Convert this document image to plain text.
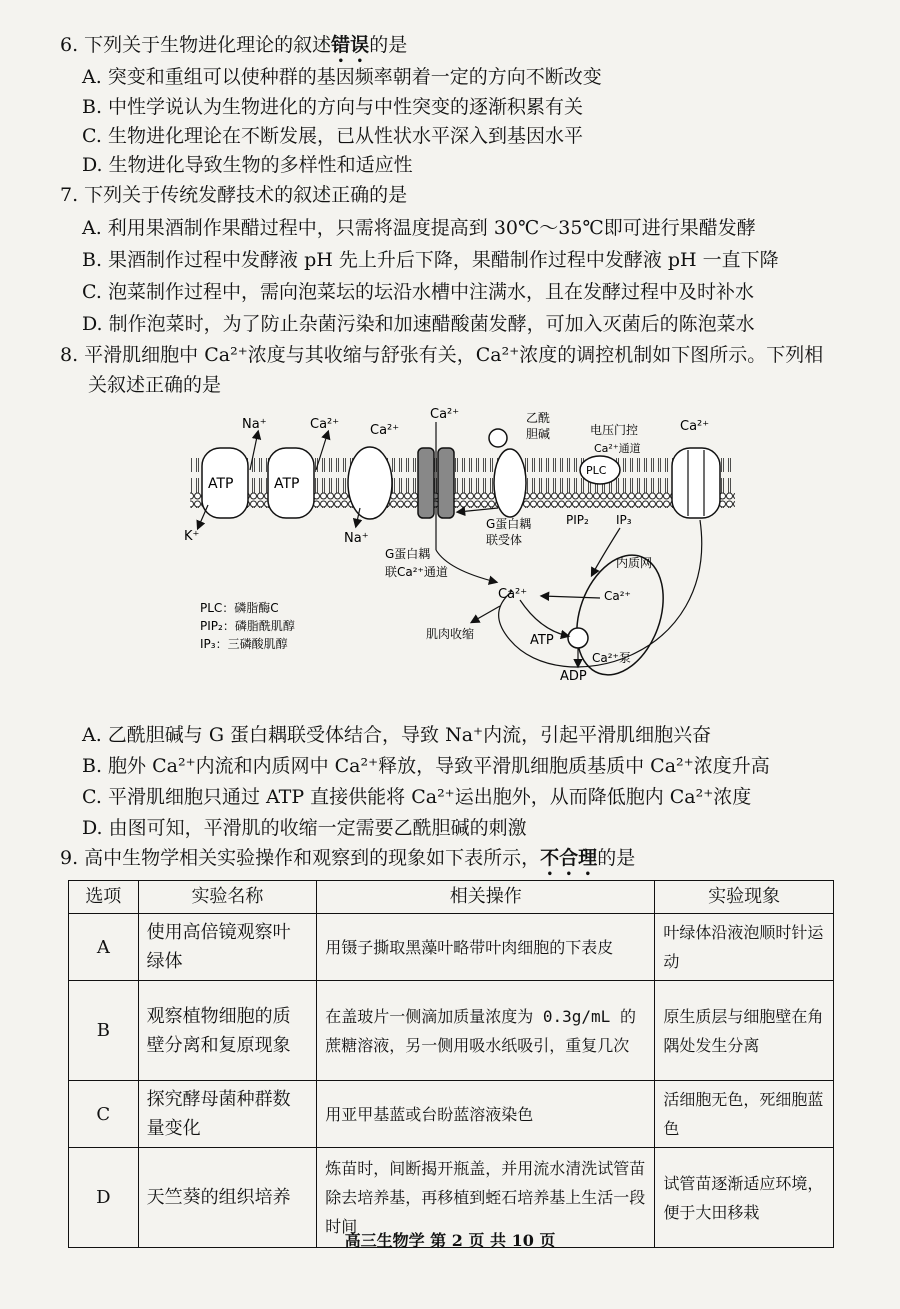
6. 下列关于生物进化理论的叙述错误的是
A. 突变和重组可以使种群的基因频率朝着一定的方向不断改变
B. 中性学说认为生物进化的方向与中性突变的逐渐积累有关
C. 生物进化理论在不断发展，已从性状水平深入到基因水平
D. 生物进化导致生物的多样性和适应性
7. 下列关于传统发酵技术的叙述正确的是
A. 利用果酒制作果醋过程中，只需将温度提高到 30℃～35℃即可进行果醋发酵
B. 果酒制作过程中发酵液 pH 先上升后下降，果醋制作过程中发酵液 pH 一直下降
C. 泡菜制作过程中，需向泡菜坛的坛沿水槽中注满水，且在发酵过程中及时补水
D. 制作泡菜时，为了防止杂菌污染和加速醋酸菌发酵，可加入灭菌后的陈泡菜水
8. 平滑肌细胞中 Ca²⁺浓度与其收缩与舒张有关，Ca²⁺浓度的调控机制如下图所示。下列相
关叙述正确的是
ATP	ATP
Na⁺
K⁺
Ca²⁺ Ca²⁺
Na⁺
Ca²⁺
G蛋白耦
联Ca²⁺通道
乙酰
胆碱
G蛋白耦
联受体
PLC
PIP₂ IP₃
电压门控
Ca²⁺通道
Ca²⁺
内质网
Ca²⁺
Ca²⁺
肌肉收缩	ATP
ADP
Ca²⁺泵
PLC：磷脂酶C
PIP₂：磷脂酰肌醇
IP₃：三磷酸肌醇
A. 乙酰胆碱与 G 蛋白耦联受体结合，导致 Na⁺内流，引起平滑肌细胞兴奋
B. 胞外 Ca²⁺内流和内质网中 Ca²⁺释放，导致平滑肌细胞质基质中 Ca²⁺浓度升高
C. 平滑肌细胞只通过 ATP 直接供能将 Ca²⁺运出胞外，从而降低胞内 Ca²⁺浓度
D. 由图可知，平滑肌的收缩一定需要乙酰胆碱的刺激
9. 高中生物学相关实验操作和观察到的现象如下表所示，不合理的是
选项	实验名称	相关操作	实验现象
A	使用高倍镜观察叶绿体	用镊子撕取黑藻叶略带叶肉细胞的下表皮	叶绿体沿液泡顺时针运动
B	观察植物细胞的质壁分离和复原现象	在盖玻片一侧滴加质量浓度为 0.3g/mL 的蔗糖溶液，另一侧用吸水纸吸引，重复几次	原生质层与细胞壁在角隅处发生分离
C	探究酵母菌种群数量变化	用亚甲基蓝或台盼蓝溶液染色	活细胞无色，死细胞蓝色
D	天竺葵的组织培养	炼苗时，间断揭开瓶盖，并用流水清洗试管苗除去培养基，再移植到蛭石培养基上生活一段时间	试管苗逐渐适应环境，便于大田移栽
高三生物学 第 2 页 共 10 页
